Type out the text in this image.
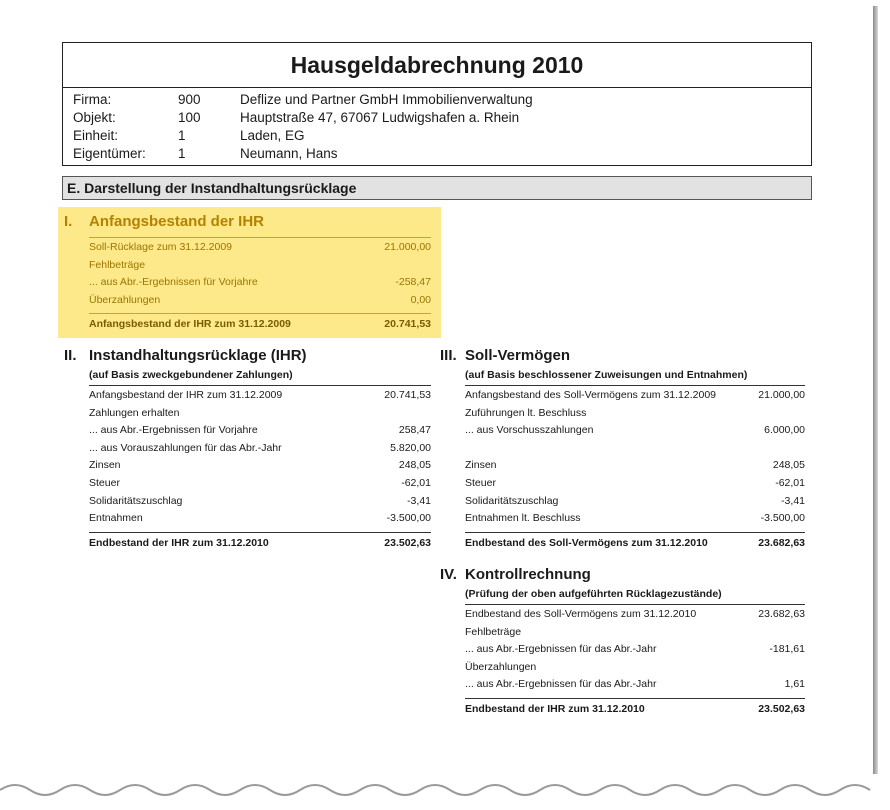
Hausgeldabrechnung 2010
Firma:	900	Deflize und Partner GmbH Immobilienverwaltung
Objekt:	100	Hauptstraße 47, 67067 Ludwigshafen a. Rhein
Einheit:	1	Laden, EG
Eigentümer: 1	Neumann, Hans
E. Darstellung der Instandhaltungsrücklage
I. Anfangsbestand der IHR
Soll-Rücklage zum 31.12.2009	21.000,00
Fehlbeträge
... aus Abr.-Ergebnissen für Vorjahre	-258,47
Überzahlungen	0,00
Anfangsbestand der IHR zum 31.12.2009	20.741,53
II. Instandhaltungsrücklage (IHR)
(auf Basis zweckgebundener Zahlungen)
Anfangsbestand der IHR zum 31.12.2009	20.741,53
Zahlungen erhalten
... aus Abr.-Ergebnissen für Vorjahre	258,47
... aus Vorauszahlungen für das Abr.-Jahr	5.820,00
Zinsen	248,05
Steuer	-62,01
Solidaritätszuschlag	-3,41
Entnahmen	-3.500,00
Endbestand der IHR zum 31.12.2010	23.502,63
III. Soll-Vermögen
(auf Basis beschlossener Zuweisungen und Entnahmen)
Anfangsbestand des Soll-Vermögens zum 31.12.2009	21.000,00
Zuführungen lt. Beschluss
... aus Vorschusszahlungen	6.000,00
Zinsen	248,05
Steuer	-62,01
Solidaritätszuschlag	-3,41
Entnahmen lt. Beschluss	-3.500,00
Endbestand des Soll-Vermögens zum 31.12.2010	23.682,63
IV. Kontrollrechnung
(Prüfung der oben aufgeführten Rücklagezustände)
Endbestand des Soll-Vermögens zum 31.12.2010	23.682,63
Fehlbeträge
... aus Abr.-Ergebnissen für das Abr.-Jahr	-181,61
Überzahlungen
... aus Abr.-Ergebnissen für das Abr.-Jahr	1,61
Endbestand der IHR zum 31.12.2010	23.502,63
